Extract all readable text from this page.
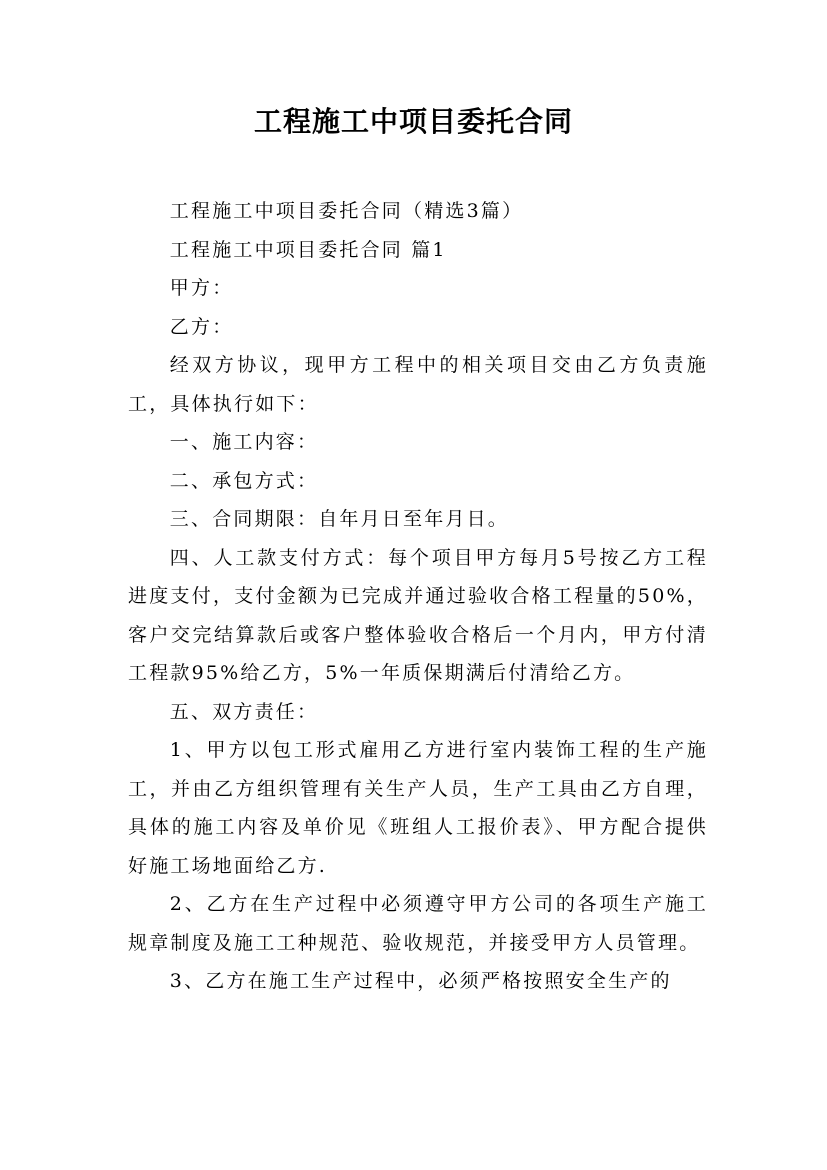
工程施工中项目委托合同

工程施工中项目委托合同（精选3篇）

工程施工中项目委托合同 篇1

甲方：

乙方：

经双方协议，现甲方工程中的相关项目交由乙方负责施工，具体执行如下：

一、施工内容：

二、承包方式：

三、合同期限：自年月日至年月日。

四、人工款支付方式：每个项目甲方每月5号按乙方工程进度支付，支付金额为已完成并通过验收合格工程量的50%，客户交完结算款后或客户整体验收合格后一个月内，甲方付清工程款95%给乙方，5%一年质保期满后付清给乙方。

五、双方责任：

1、甲方以包工形式雇用乙方进行室内装饰工程的生产施工，并由乙方组织管理有关生产人员，生产工具由乙方自理，具体的施工内容及单价见《班组人工报价表》、甲方配合提供好施工场地面给乙方.

2、乙方在生产过程中必须遵守甲方公司的各项生产施工规章制度及施工工种规范、验收规范，并接受甲方人员管理。

3、乙方在施工生产过程中，必须严格按照安全生产的
